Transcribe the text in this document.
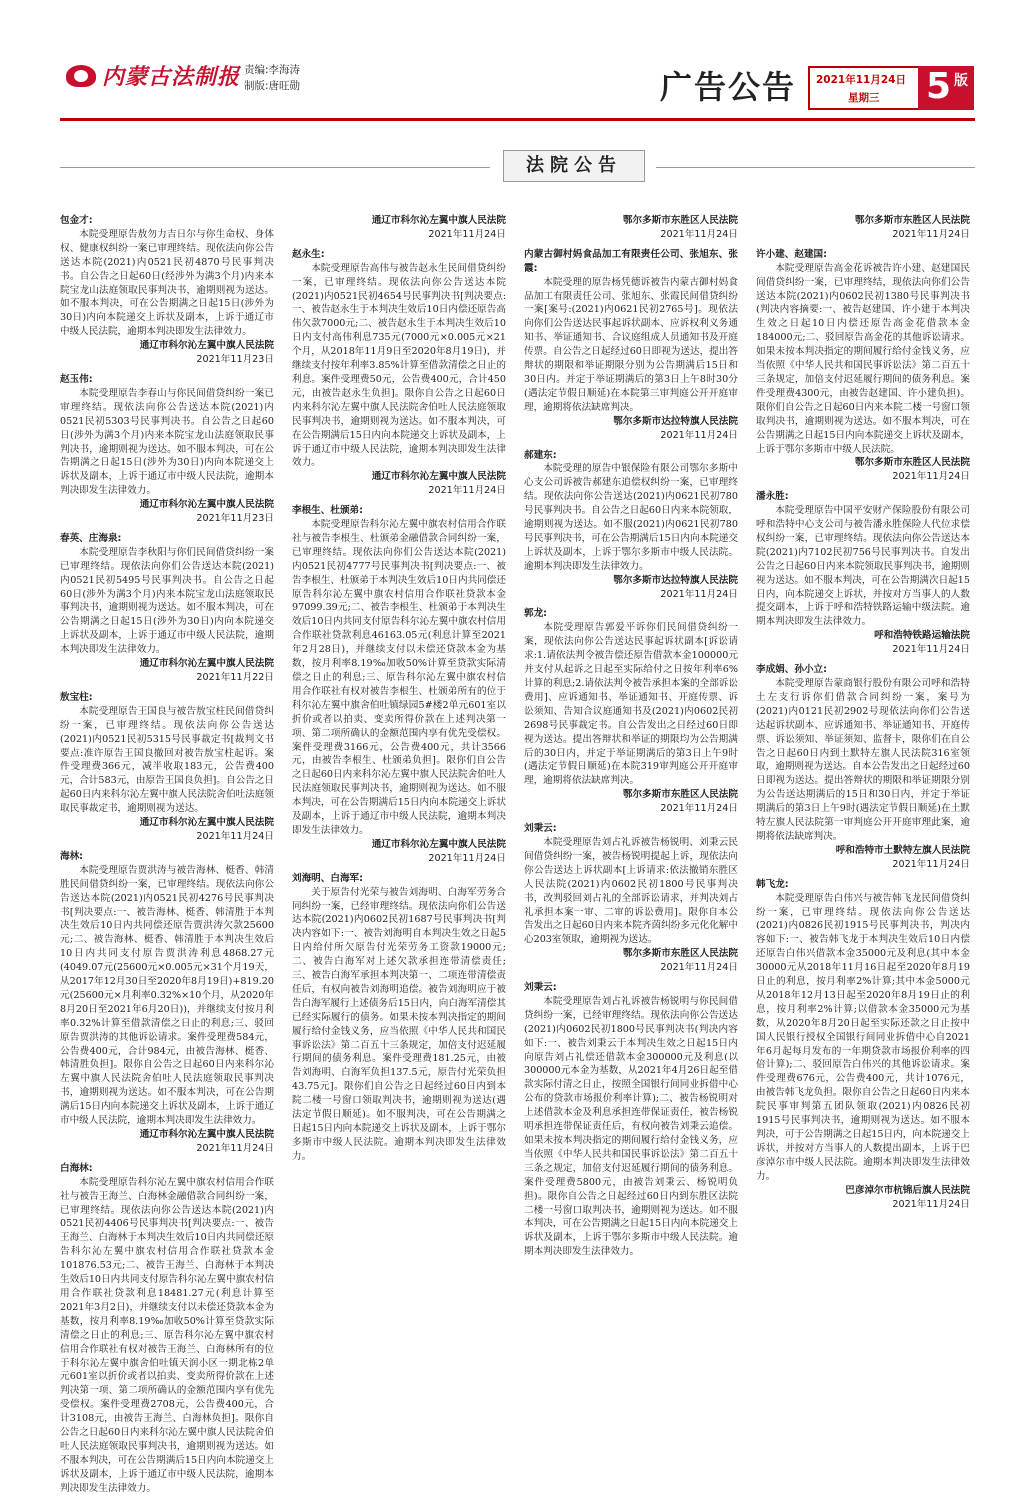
内蒙古法制报 责编:李海涛
制版:唐旺勋	广告公告 2021年11月24日
星期三 5 版
法院公告
包金才:
本院受理原告敖勿力吉日尔与你生命权、身体权、健康权纠纷一案已审理终结。现依法向你公告送达本院(2021)内0521民初4870号民事判决书。自公告之日起60日(经涉外为满3个月)内来本院宝龙山法庭领取民事判决书，逾期则视为送达。如不服本判决，可在公告期满之日起15日(涉外为30日)内向本院递交上诉状及副本，上诉于通辽市中级人民法院，逾期本判决即发生法律效力。
通辽市科尔沁左翼中旗人民法院
2021年11月23日
赵玉伟:
本院受理原告李春山与你民间借贷纠纷一案已审理终结。现依法向你公告送达本院(2021)内0521民初5303号民事判决书。自公告之日起60日(涉外为满3个月)内来本院宝龙山法庭领取民事判决书，逾期则视为送达。如不服本判决，可在公告期满之日起15日(涉外为30日)内向本院递交上诉状及副本，上诉于通辽市中级人民法院，逾期本判决即发生法律效力。
通辽市科尔沁左翼中旗人民法院
2021年11月23日
春英、庄海泉:
本院受理原告李秋阳与你们民间借贷纠纷一案已审理终结。现依法向你们公告送达本院(2021)内0521民初5495号民事判决书。自公告之日起60日(涉外为满3个月)内来本院宝龙山法庭领取民事判决书，逾期则视为送达。如不服本判决，可在公告期满之日起15日(涉外为30日)内向本院递交上诉状及副本，上诉于通辽市中级人民法院，逾期本判决即发生法律效力。
通辽市科尔沁左翼中旗人民法院
2021年11月22日
敖宝柱:
本院受理原告王国良与被告敖宝柱民间借贷纠纷一案，已审理终结。现依法向你公告送达(2021)内0521民初5315号民事裁定书[裁判文书要点:准许原告王国良撤回对被告敖宝柱起诉。案件受理费366元，减半收取183元，公告费400元，合计583元，由原告王国良负担]。自公告之日起60日内来科尔沁左翼中旗人民法院舍伯吐法庭领取民事裁定书，逾期则视为送达。
通辽市科尔沁左翼中旗人民法院
2021年11月24日
海林:
本院受理原告贾洪涛与被告海林、梃香、韩清胜民间借贷纠纷一案，已审理终结。现依法向你公告送达本院(2021)内0521民初4276号民事判决书[判决要点:一、被告海林、梃香、韩清胜于本判决生效后10日内共同偿还原告贾洪涛欠款25600元;二、被告海林、梃香、韩清胜于本判决生效后10日内共同支付原告贾洪涛利息4868.27元(4049.07元(25600元×0.005元×31个月19天，从2017年12月30日至2020年8月19日)+819.20元(25600元×月利率0.32%×10个月，从2020年8月20日至2021年6月20日))，并继续支付按月利率0.32%计算至借款清偿之日止的利息;三、驳回原告贾洪涛的其他诉讼请求。案件受理费584元，公告费400元，合计984元，由被告海林、梃香、韩清胜负担]。限你自公告之日起60日内来科尔沁左翼中旗人民法院舍伯吐人民法庭领取民事判决书，逾期则视为送达。如不服本判决，可在公告期满后15日内向本院递交上诉状及副本，上诉于通辽市中级人民法院，逾期本判决即发生法律效力。
通辽市科尔沁左翼中旗人民法院
2021年11月24日
白海林:
本院受理原告科尔沁左翼中旗农村信用合作联社与被告王海兰、白海林金融借款合同纠纷一案，已审理终结。现依法向你公告送达本院(2021)内0521民初4406号民事判决书[判决要点:一、被告王海兰、白海林于本判决生效后10日内共同偿还原告科尔沁左翼中旗农村信用合作联社贷款本金101876.53元;二、被告王海兰、白海林于本判决生效后10日内共同支付原告科尔沁左翼中旗农村信用合作联社贷款利息18481.27元(利息计算至2021年3月2日)，并继续支付以未偿还贷款本金为基数，按月利率8.19‰加收50%计算至贷款实际清偿之日止的利息;三、原告科尔沁左翼中旗农村信用合作联社有权对被告王海兰、白海林所有的位于科尔沁左翼中旗舍伯吐镇天润小区一期北栋2单元601室以折价或者以拍卖、变卖所得价款在上述判决第一项、第二项所确认的金额范围内享有优先受偿权。案件受理费2708元，公告费400元，合计3108元，由被告王海兰、白海林负担]。限你自公告之日起60日内来科尔沁左翼中旗人民法院舍伯吐人民法庭领取民事判决书，逾期则视为送达。如不服本判决，可在公告期满后15日内向本院递交上诉状及副本，上诉于通辽市中级人民法院，逾期本判决即发生法律效力。
通辽市科尔沁左翼中旗人民法院
2021年11月24日
赵永生:
本院受理原告高伟与被告赵永生民间借贷纠纷一案，已审理终结。现依法向你公告送达本院(2021)内0521民初4654号民事判决书[判决要点:一、被告赵永生于本判决生效后10日内偿还原告高伟欠款7000元;二、被告赵永生于本判决生效后10日内支付高伟利息735元(7000元×0.005元×21个月，从2018年11月9日至2020年8月19日)，并继续支付按年利率3.85%计算至借款清偿之日止的利息。案件受理费50元，公告费400元，合计450元，由被告赵永生负担]。限你自公告之日起60日内来科尔沁左翼中旗人民法院舍伯吐人民法庭领取民事判决书，逾期则视为送达。如不服本判决，可在公告期满后15日内向本院递交上诉状及副本，上诉于通辽市中级人民法院，逾期本判决即发生法律效力。
通辽市科尔沁左翼中旗人民法院
2021年11月24日
李根生、杜颁弟:
本院受理原告科尔沁左翼中旗农村信用合作联社与被告李根生、杜颁弟金融借款合同纠纷一案，已审理终结。现依法向你们公告送达本院(2021)内0521民初4777号民事判决书[判决要点:一、被告李根生、杜颁弟于本判决生效后10日内共同偿还原告科尔沁左翼中旗农村信用合作联社贷款本金97099.39元;二、被告李根生、杜颁弟于本判决生效后10日内共同支付原告科尔沁左翼中旗农村信用合作联社贷款利息46163.05元(利息计算至2021年2月28日)，并继续支付以未偿还贷款本金为基数，按月利率8.19‰加收50%计算至贷款实际清偿之日止的利息;三、原告科尔沁左翼中旗农村信用合作联社有权对被告李根生、杜颁弟所有的位于科尔沁左翼中旗舍伯吐镇绿园5#楼2单元601室以折价或者以拍卖、变卖所得价款在上述判决第一项、第二项所确认的金额范围内享有优先受偿权。案件受理费3166元，公告费400元，共计3566元，由被告李根生、杜颁弟负担]。限你们自公告之日起60日内来科尔沁左翼中旗人民法院舍伯吐人民法庭领取民事判决书，逾期则视为送达。如不服本判决，可在公告期满后15日内向本院递交上诉状及副本，上诉于通辽市中级人民法院，逾期本判决即发生法律效力。
通辽市科尔沁左翼中旗人民法院
2021年11月24日
刘海明、白海军:
关于原告付光荣与被告刘海明、白海军劳务合同纠纷一案，已经审理终结。现依法向你们公告送达本院(2021)内0602民初1687号民事判决书[判决内容如下:一、被告刘海明自本判决生效之日起5日内给付所欠原告付光荣劳务工资款19000元;二、被告白海军对上述欠款承担连带清偿责任;三、被告白海军承担本判决第一、二项连带清偿责任后，有权向被告刘海明追偿。被告刘海明应于被告白海军履行上述债务后15日内，向白海军清偿其已经实际履行的债务。如果未按本判决指定的期间履行给付金钱义务，应当依照《中华人民共和国民事诉讼法》第二百五十三条规定，加倍支付迟延履行期间的债务利息。案件受理费181.25元，由被告刘海明、白海军负担137.5元，原告付光荣负担43.75元]。限你们自公告之日起经过60日内到本院二楼一号窗口领取判决书，逾期则视为送达(遇法定节假日顺延)。如不服判决，可在公告期满之日起15日内向本院递交上诉状及副本，上诉于鄂尔多斯市中级人民法院。逾期本判决即发生法律效力。
鄂尔多斯市东胜区人民法院
2021年11月24日
内蒙古御村妈食品加工有限责任公司、张旭东、张霞:
本院受理的原告杨凭德诉被告内蒙古御村妈食品加工有限责任公司、张旭东、张霞民间借贷纠纷一案[案号:(2021)内0621民初2765号]。现依法向你们公告送达民事起诉状副本、应诉权利义务通知书、举证通知书、合议庭组成人员通知书及开庭传票。自公告之日起经过60日即视为送达，提出答辩状的期限和举证期限分别为公告期满后15日和30日内。并定于举证期满后的第3日上午8时30分(遇法定节假日顺延)在本院第三审判庭公开开庭审理，逾期将依法缺席判决。
鄂尔多斯市达拉特旗人民法院
2021年11月24日
郝建东:
本院受理的原告中银保险有限公司鄂尔多斯中心支公司诉被告郝建东追偿权纠纷一案，已审理终结。现依法向你公告送达(2021)内0621民初780号民事判决书。自公告之日起60日内来本院领取，逾期则视为送达。如不服(2021)内0621民初780号民事判决书，可在公告期满后15日内向本院递交上诉状及副本，上诉于鄂尔多斯市中级人民法院。逾期本判决即发生法律效力。
鄂尔多斯市达拉特旗人民法院
2021年11月24日
郭龙:
本院受理原告郭爱平诉你们民间借贷纠纷一案，现依法向你公告送达民事起诉状副本[诉讼请求:1.请依法判令被告偿还原告借款本金100000元并支付从起诉之日起至实际给付之日按年利率6%计算的利息;2.请依法判令被告承担本案的全部诉讼费用]、应诉通知书、举证通知书、开庭传票、诉讼须知、告知合议庭通知书及(2021)内0602民初2698号民事裁定书。自公告发出之日经过60日即视为送达。提出答辩状和举证的期限均为公告期满后的30日内，并定于举证期满后的第3日上午9时(遇法定节假日顺延)在本院319审判庭公开开庭审理，逾期将依法缺席判决。
鄂尔多斯市东胜区人民法院
2021年11月24日
刘秉云:
本院受理原告刘占礼诉被告杨锐明、刘秉云民间借贷纠纷一案，被告杨锐明提起上诉，现依法向你公告送达上诉状副本[上诉请求:依法撤销东胜区人民法院(2021)内0602民初1800号民事判决书，改判驳回刘占礼的全部诉讼请求，并判决刘占礼承担本案一审、二审的诉讼费用]。限你自本公告发出之日起60日内来本院齐茵纠纷多元化化解中心203室领取，逾期视为送达。
鄂尔多斯市东胜区人民法院
2021年11月24日
刘秉云:
本院受理原告刘占礼诉被告杨锐明与你民间借贷纠纷一案，已经审理终结。现依法向你公告送达(2021)内0602民初1800号民事判决书(判决内容如下:一、被告刘秉云于本判决生效之日起15日内向原告刘占礼偿还借款本金300000元及利息(以300000元本金为基数，从2021年4月26日起至借款实际付清之日止，按照全国银行间同业拆借中心公布的贷款市场报价利率计算);二、被告杨锐明对上述借款本金及利息承担连带保证责任，被告杨锐明承担连带保证责任后，有权向被告刘秉云追偿。如果未按本判决指定的期间履行给付金钱义务，应当依照《中华人民共和国民事诉讼法》第二百五十三条之规定，加倍支付迟延履行期间的债务利息。案件受理费5800元，由被告刘秉云、杨锐明负担)。限你自公告之日起经过60日内到东胜区法院二楼一号窗口取判决书，逾期则视为送达。如不服本判决，可在公告期满之日起15日内向本院递交上诉状及副本，上诉于鄂尔多斯市中级人民法院。逾期本判决即发生法律效力。
鄂尔多斯市东胜区人民法院
2021年11月24日
许小建、赵建国:
本院受理原告高金花诉被告许小建、赵建国民间借贷纠纷一案，已审理终结，现依法向你们公告送达本院(2021)内0602民初1380号民事判决书(判决内容摘要:一、被告赵建国、许小建于本判决生效之日起10日内偿还原告高金花借款本金184000元;二、驳回原告高金花的其他诉讼请求。如果未按本判决指定的期间履行给付金钱义务，应当依照《中华人民共和国民事诉讼法》第二百五十三条规定，加倍支付迟延履行期间的债务利息。案件受理费4300元，由被告赵建国、许小建负担)。限你们自公告之日起60日内来本院二楼一号窗口领取判决书，逾期则视为送达。如不服本判决，可在公告期满之日起15日内向本院递交上诉状及副本，上诉于鄂尔多斯市中级人民法院。
鄂尔多斯市东胜区人民法院
2021年11月24日
潘永胜:
本院受理原告中国平安财产保险股份有限公司呼和浩特中心支公司与被告潘永胜保险人代位求偿权纠纷一案，已审理终结。现依法向你公告送达本院(2021)内7102民初756号民事判决书。自发出公告之日起60日内来本院领取民事判决书，逾期则视为送达。如不服本判决，可在公告期满次日起15日内，向本院递交上诉状，并按对方当事人的人数提交副本，上诉于呼和浩特铁路运输中级法院。逾期本判决即发生法律效力。
呼和浩特铁路运输法院
2021年11月24日
李成娟、孙小立:
本院受理原告蒙商银行股份有限公司呼和浩特土左支行诉你们借款合同纠纷一案，案号为(2021)内0121民初2902号现依法向你们公告送达起诉状副本、应诉通知书、举证通知书、开庭传票、诉讼须知、举证须知、监督卡，限你们在自公告之日起60日内到土默特左旗人民法院316室领取，逾期则视为送达。自本公告发出之日起经过60日即视为送达。提出答辩状的期限和举证期限分别为公告送达期满后的15日和30日内，并定于举证期满后的第3日上午9时(遇法定节假日顺延)在土默特左旗人民法院第一审判庭公开开庭审理此案，逾期将依法缺席判决。
呼和浩特市土默特左旗人民法院
2021年11月24日
韩飞龙:
本院受理原告白伟兴与被告韩飞龙民间借贷纠纷一案，已审理终结。现依法向你公告送达(2021)内0826民初1915号民事判决书，判决内容如下:一、被告韩飞龙于本判决生效后10日内偿还原告白伟兴借款本金35000元及利息(其中本金30000元从2018年11月16日起至2020年8月19日止的利息，按月利率2%计算;其中本金5000元从2018年12月13日起至2020年8月19日止的利息，按月利率2%计算;以借款本金35000元为基数，从2020年8月20日起至实际还款之日止按中国人民银行授权全国银行间同业拆借中心自2021年6月起每月发布的一年期贷款市场报价利率的四倍计算);二、驳回原告白伟兴的其他诉讼请求。案件受理费676元，公告费400元，共计1076元，由被告韩飞龙负担。限你自公告之日起60日内来本院民事审判第五团队领取(2021)内0826民初1915号民事判决书，逾期则视为送达。如不服本判决，可于公告期满之日起15日内，向本院递交上诉状，并按对方当事人的人数提出副本，上诉于巴彦淖尔市中级人民法院。逾期本判决即发生法律效力。
巴彦淖尔市杭锦后旗人民法院
2021年11月24日
